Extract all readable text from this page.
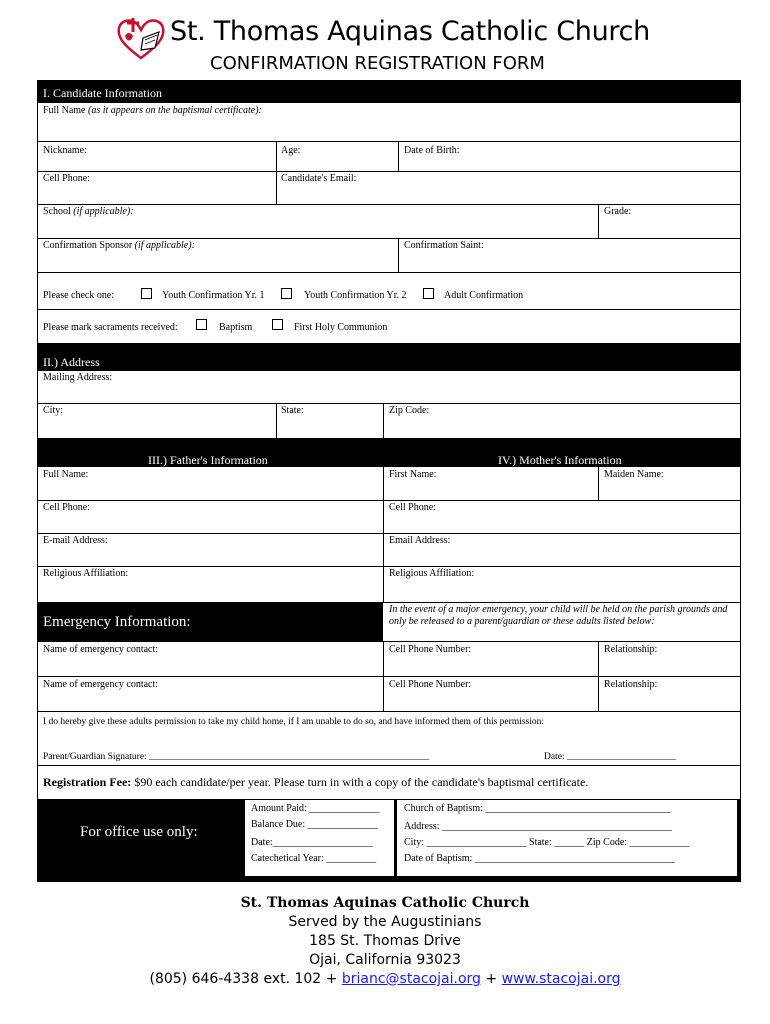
St. Thomas Aquinas Catholic Church
CONFIRMATION REGISTRATION FORM
I. Candidate Information
Full Name (as it appears on the baptismal certificate):
Nickname:	Age:	Date of Birth:
Cell Phone:	Candidate's Email:
School (if applicable):	Grade:
Confirmation Sponsor (if applicable):	Confirmation Saint:
Please check one:	Youth Confirmation Yr. 1	Youth Confirmation Yr. 2	Adult Confirmation
Please mark sacraments received:	Baptism	First Holy Communion
II.) Address
Mailing Address:
City:	State:	Zip Code:
III.) Father's Information	IV.) Mother's Information
Full Name:	First Name:	Maiden Name:
Cell Phone:	Cell Phone:
E-mail Address:	Email Address:
Religious Affiliation:	Religious Affiliation:
Emergency Information:
In the event of a major emergency, your child will be held on the parish grounds and
only be released to a parent/guardian or these adults listed below:
Name of emergency contact:	Cell Phone Number:	Relationship:
Name of emergency contact:	Cell Phone Number:	Relationship:
I do hereby give these adults permission to take my child home, if I am unable to do so, and have informed them of this permission:
Parent/Guardian Signature: ___________________________________________________________	Date: _______________________
Registration Fee: $90 each candidate/per year. Please turn in with a copy of the candidate's baptismal certificate.
For office use only:
Amount Paid: ______________
Balance Due: ______________
Date:____________________
Catechetical Year: __________
Church of Baptism: _____________________________________
Address: ______________________________________________
City: ____________________ State: ______ Zip Code: ____________
Date of Baptism: ________________________________________
St. Thomas Aquinas Catholic Church
Served by the Augustinians
185 St. Thomas Drive
Ojai, California 93023
(805) 646-4338 ext. 102 + brianc@stacojai.org + www.stacojai.org
